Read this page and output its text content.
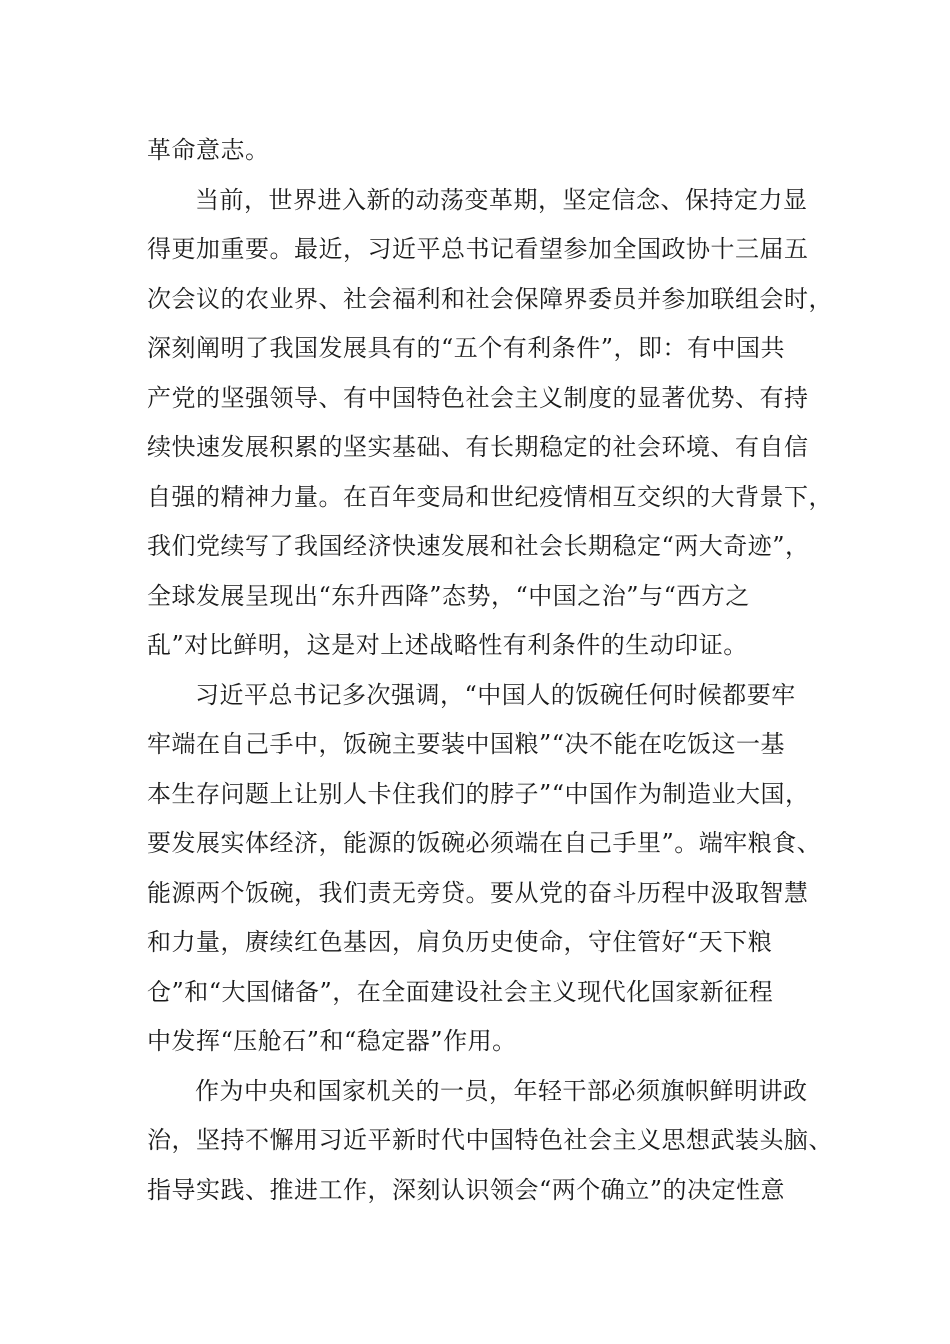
革命意志。
当前，世界进入新的动荡变革期，坚定信念、保持定力显
得更加重要。最近，习近平总书记看望参加全国政协十三届五
次会议的农业界、社会福利和社会保障界委员并参加联组会时，
深刻阐明了我国发展具有的“五个有利条件”，即：有中国共
产党的坚强领导、有中国特色社会主义制度的显著优势、有持
续快速发展积累的坚实基础、有长期稳定的社会环境、有自信
自强的精神力量。在百年变局和世纪疫情相互交织的大背景下，
我们党续写了我国经济快速发展和社会长期稳定“两大奇迹”，
全球发展呈现出“东升西降”态势，“中国之治”与“西方之
乱”对比鲜明，这是对上述战略性有利条件的生动印证。
习近平总书记多次强调，“中国人的饭碗任何时候都要牢
牢端在自己手中，饭碗主要装中国粮”“决不能在吃饭这一基
本生存问题上让别人卡住我们的脖子”“中国作为制造业大国，
要发展实体经济，能源的饭碗必须端在自己手里”。端牢粮食、
能源两个饭碗，我们责无旁贷。要从党的奋斗历程中汲取智慧
和力量，赓续红色基因，肩负历史使命，守住管好“天下粮
仓”和“大国储备”，在全面建设社会主义现代化国家新征程
中发挥“压舱石”和“稳定器”作用。
作为中央和国家机关的一员，年轻干部必须旗帜鲜明讲政
治，坚持不懈用习近平新时代中国特色社会主义思想武装头脑、
指导实践、推进工作，深刻认识领会“两个确立”的决定性意
